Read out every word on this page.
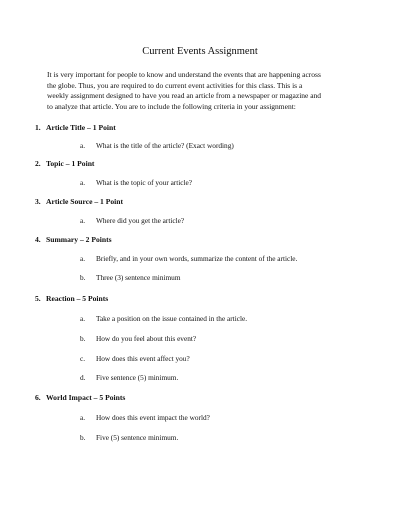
Current Events Assignment
It is very important for people to know and understand the events that are happening across
the globe. Thus, you are required to do current event activities for this class. This is a
weekly assignment designed to have you read an article from a newspaper or magazine and
to analyze that article. You are to include the following criteria in your assignment:
1. Article Title – 1 Point
a. What is the title of the article? (Exact wording)
2. Topic – 1 Point
a. What is the topic of your article?
3. Article Source – 1 Point
a. Where did you get the article?
4. Summary – 2 Points
a. Briefly, and in your own words, summarize the content of the article.
b. Three (3) sentence minimum
5. Reaction – 5 Points
a. Take a position on the issue contained in the article.
b. How do you feel about this event?
c. How does this event affect you?
d. Five sentence (5) minimum.
6. World Impact – 5 Points
a. How does this event impact the world?
b. Five (5) sentence minimum.
